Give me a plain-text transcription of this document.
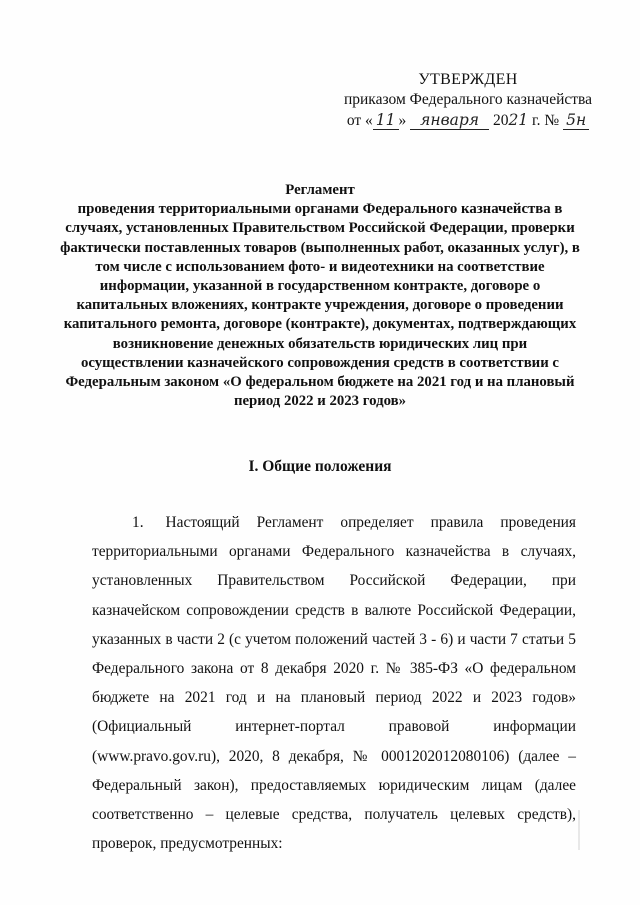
УТВЕРЖДЕН
приказом Федерального казначейства
от « 11 » января 2021 г. № 5н
Регламент
проведения территориальными органами Федерального казначейства в случаях, установленных Правительством Российской Федерации, проверки фактически поставленных товаров (выполненных работ, оказанных услуг), в том числе с использованием фото- и видеотехники на соответствие информации, указанной в государственном контракте, договоре о капитальных вложениях, контракте учреждения, договоре о проведении капитального ремонта, договоре (контракте), документах, подтверждающих возникновение денежных обязательств юридических лиц при осуществлении казначейского сопровождения средств в соответствии с Федеральным законом «О федеральном бюджете на 2021 год и на плановый период 2022 и 2023 годов»
I. Общие положения
1. Настоящий Регламент определяет правила проведения территориальными органами Федерального казначейства в случаях, установленных Правительством Российской Федерации, при казначейском сопровождении средств в валюте Российской Федерации, указанных в части 2 (с учетом положений частей 3 - 6) и части 7 статьи 5 Федерального закона от 8 декабря 2020 г. № 385-ФЗ «О федеральном бюджете на 2021 год и на плановый период 2022 и 2023 годов» (Официальный интернет-портал правовой информации (www.pravo.gov.ru), 2020, 8 декабря, № 0001202012080106) (далее – Федеральный закон), предоставляемых юридическим лицам (далее соответственно – целевые средства, получатель целевых средств), проверок, предусмотренных:
